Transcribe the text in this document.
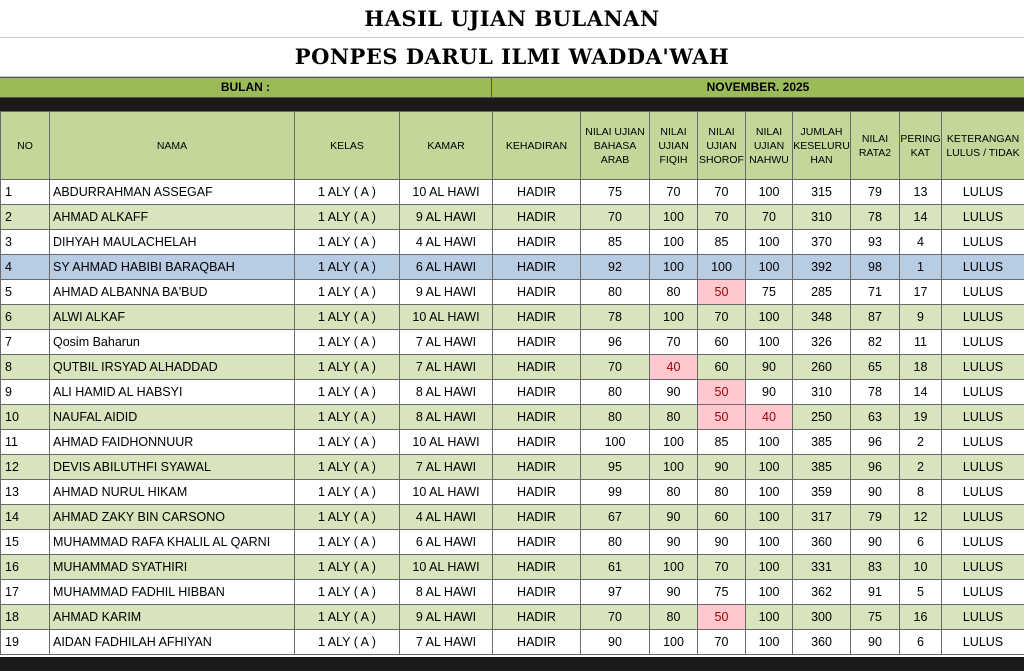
HASIL UJIAN BULANAN
PONPES DARUL ILMI WADDA'WAH
BULAN :	NOVEMBER. 2025
NO	NAMA	KELAS	KAMAR	KEHADIRAN	NILAI UJIAN BAHASA ARAB	NILAI UJIAN FIQIH	NILAI UJIAN SHOROF	NILAI UJIAN NAHWU	JUMLAH KESELURU HAN	NILAI RATA2	PERING KAT	KETERANGAN LULUS / TIDAK
1	ABDURRAHMAN ASSEGAF	1 ALY ( A )	10 AL HAWI	HADIR	75	70	70	100	315	79	13	LULUS
2	AHMAD ALKAFF	1 ALY ( A )	9 AL HAWI	HADIR	70	100	70	70	310	78	14	LULUS
3	DIHYAH MAULACHELAH	1 ALY ( A )	4 AL HAWI	HADIR	85	100	85	100	370	93	4	LULUS
4	SY AHMAD HABIBI BARAQBAH	1 ALY ( A )	6 AL HAWI	HADIR	92	100	100	100	392	98	1	LULUS
5	AHMAD ALBANNA BA'BUD	1 ALY ( A )	9 AL HAWI	HADIR	80	80	50	75	285	71	17	LULUS
6	ALWI ALKAF	1 ALY ( A )	10 AL HAWI	HADIR	78	100	70	100	348	87	9	LULUS
7	Qosim Baharun	1 ALY ( A )	7 AL HAWI	HADIR	96	70	60	100	326	82	11	LULUS
8	QUTBIL IRSYAD ALHADDAD	1 ALY ( A )	7 AL HAWI	HADIR	70	40	60	90	260	65	18	LULUS
9	ALI HAMID AL HABSYI	1 ALY ( A )	8 AL HAWI	HADIR	80	90	50	90	310	78	14	LULUS
10	NAUFAL AIDID	1 ALY ( A )	8 AL HAWI	HADIR	80	80	50	40	250	63	19	LULUS
11	AHMAD FAIDHONNUUR	1 ALY ( A )	10 AL HAWI	HADIR	100	100	85	100	385	96	2	LULUS
12	DEVIS ABILUTHFI SYAWAL	1 ALY ( A )	7 AL HAWI	HADIR	95	100	90	100	385	96	2	LULUS
13	AHMAD NURUL HIKAM	1 ALY ( A )	10 AL HAWI	HADIR	99	80	80	100	359	90	8	LULUS
14	AHMAD ZAKY BIN CARSONO	1 ALY ( A )	4 AL HAWI	HADIR	67	90	60	100	317	79	12	LULUS
15	MUHAMMAD RAFA KHALIL AL QARNI	1 ALY ( A )	6 AL HAWI	HADIR	80	90	90	100	360	90	6	LULUS
16	MUHAMMAD SYATHIRI	1 ALY ( A )	10 AL HAWI	HADIR	61	100	70	100	331	83	10	LULUS
17	MUHAMMAD FADHIL HIBBAN	1 ALY ( A )	8 AL HAWI	HADIR	97	90	75	100	362	91	5	LULUS
18	AHMAD KARIM	1 ALY ( A )	9 AL HAWI	HADIR	70	80	50	100	300	75	16	LULUS
19	AIDAN FADHILAH AFHIYAN	1 ALY ( A )	7 AL HAWI	HADIR	90	100	70	100	360	90	6	LULUS
